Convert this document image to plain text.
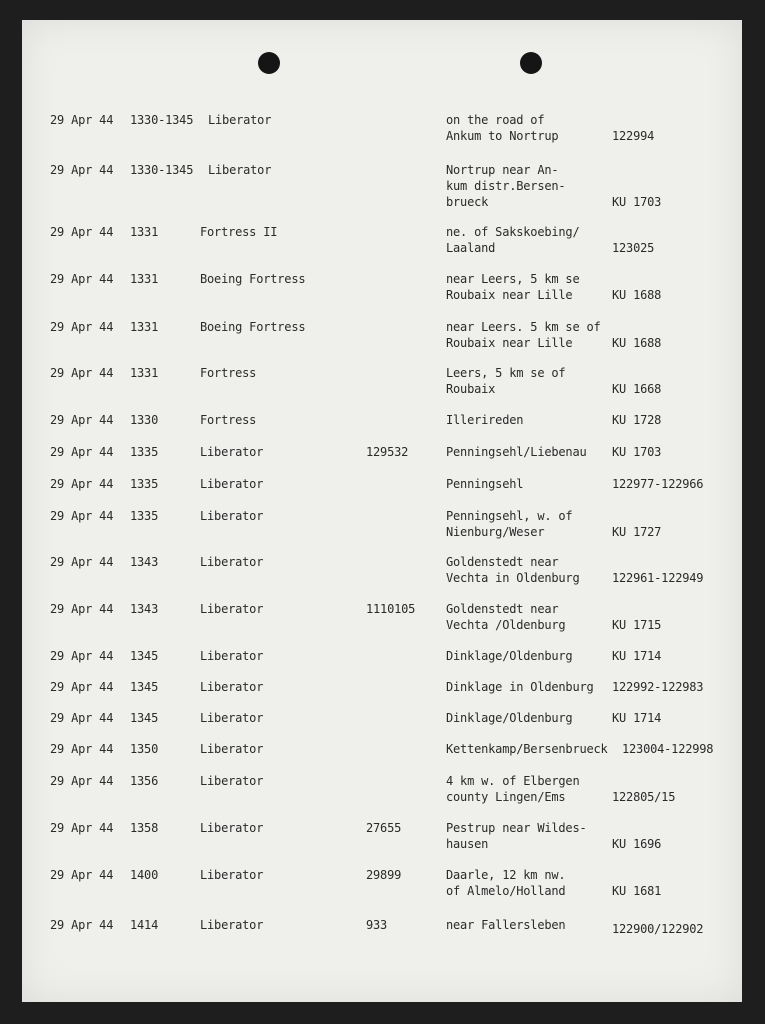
29 Apr 44 1330-1345 Liberator	on the road of
Ankum to Nortrup	122994
29 Apr 44 1330-1345 Liberator	Nortrup near An-
kum distr.Bersen-
brueck	KU 1703
29 Apr 44 1331	Fortress II	ne. of Sakskoebing/
Laaland	123025
29 Apr 44 1331	Boeing Fortress	near Leers, 5 km se
Roubaix near Lille	KU 1688
29 Apr 44 1331	Boeing Fortress	near Leers. 5 km se of
Roubaix near Lille	KU 1688
29 Apr 44 1331	Fortress	Leers, 5 km se of
Roubaix	KU 1668
29 Apr 44 1330	Fortress	Illerireden	KU 1728
29 Apr 44 1335	Liberator	129532	Penningsehl/Liebenau KU 1703
29 Apr 44 1335	Liberator	Penningsehl	122977-122966
29 Apr 44 1335	Liberator	Penningsehl, w. of
Nienburg/Weser	KU 1727
29 Apr 44 1343	Liberator	Goldenstedt near
Vechta in Oldenburg	122961-122949
29 Apr 44 1343	Liberator	1110105	Goldenstedt near
Vechta /Oldenburg	KU 1715
29 Apr 44 1345	Liberator	Dinklage/Oldenburg	KU 1714
29 Apr 44 1345	Liberator	Dinklage in Oldenburg 122992-122983
29 Apr 44 1345	Liberator	Dinklage/Oldenburg	KU 1714
29 Apr 44 1350	Liberator	Kettenkamp/Bersenbrueck 123004-122998
29 Apr 44 1356	Liberator	4 km w. of Elbergen
county Lingen/Ems	122805/15
29 Apr 44 1358	Liberator	27655	Pestrup near Wildes-
hausen	KU 1696
29 Apr 44 1400	Liberator	29899	Daarle, 12 km nw.
of Almelo/Holland	KU 1681
29 Apr 44 1414	Liberator	933	near Fallersleben	122900/122902
